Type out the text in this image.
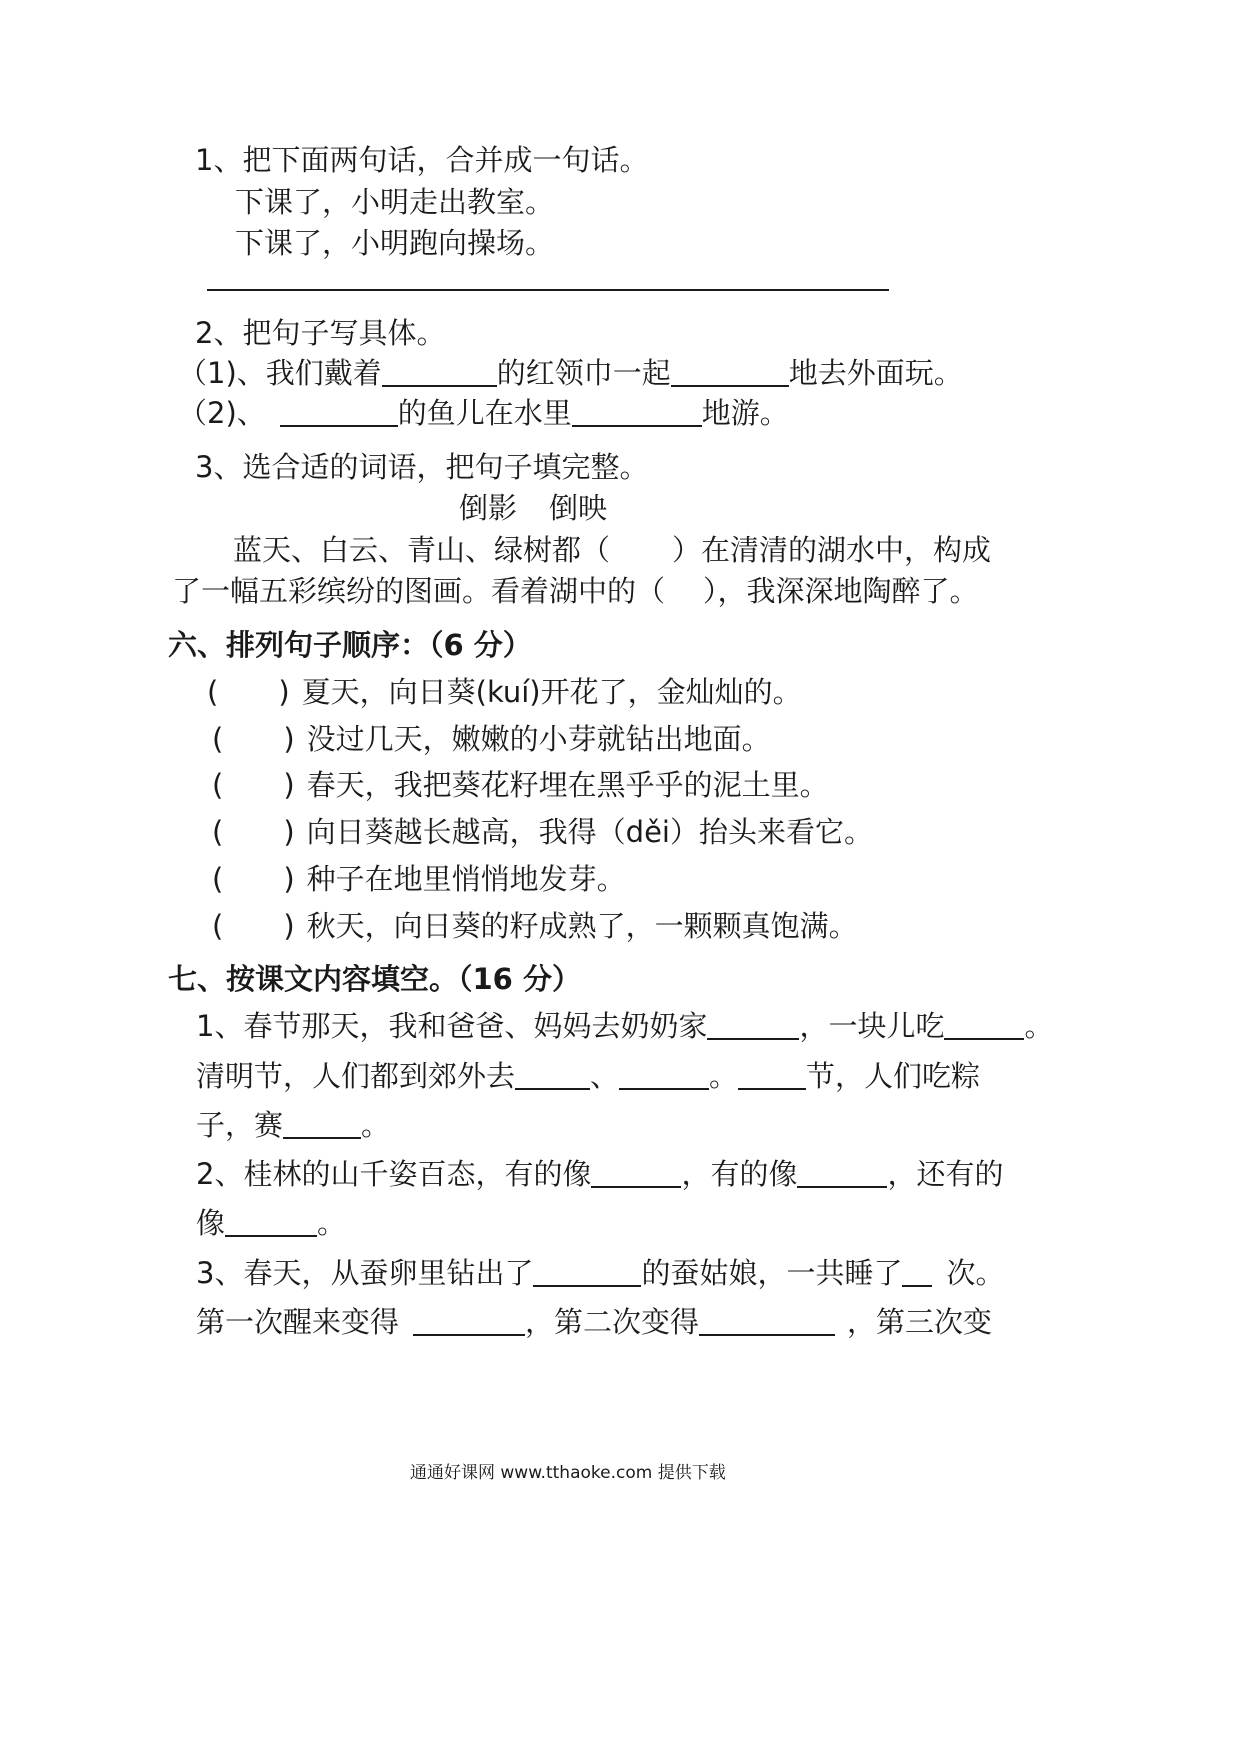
1、把下面两句话，合并成一句话。
下课了，小明走出教室。
下课了，小明跑向操场。
2、把句子写具体。
（1)、我们戴着	的红领巾一起	地去外面玩。
（2)、	的鱼儿在水里	地游。
3、选合适的词语，把句子填完整。
倒影 倒映
蓝天、白云、青山、绿树都（ ）在清清的湖水中，构成
了一幅五彩缤纷的图画。看着湖中的（ ），我深深地陶醉了。
六、排列句子顺序：（6 分）
( ) 夏天，向日葵(kuí)开花了，金灿灿的。
( ) 没过几天，嫩嫩的小芽就钻出地面。
( ) 春天，我把葵花籽埋在黑乎乎的泥土里。
( ) 向日葵越长越高，我得（děi）抬头来看它。
( ) 种子在地里悄悄地发芽。
( ) 秋天，向日葵的籽成熟了，一颗颗真饱满。
七、按课文内容填空。（16 分）
1、春节那天，我和爸爸、妈妈去奶奶家	，一块儿吃	。
清明节，人们都到郊外去	、	。 节，人们吃粽
子，赛	。
2、桂林的山千姿百态，有的像	，有的像	，还有的
像	。
3、春天，从蚕卵里钻出了	的蚕姑娘，一共睡了 次。
第一次醒来变得	，第二次变得	，第三次变
通通好课网 www.tthaoke.com 提供下载
